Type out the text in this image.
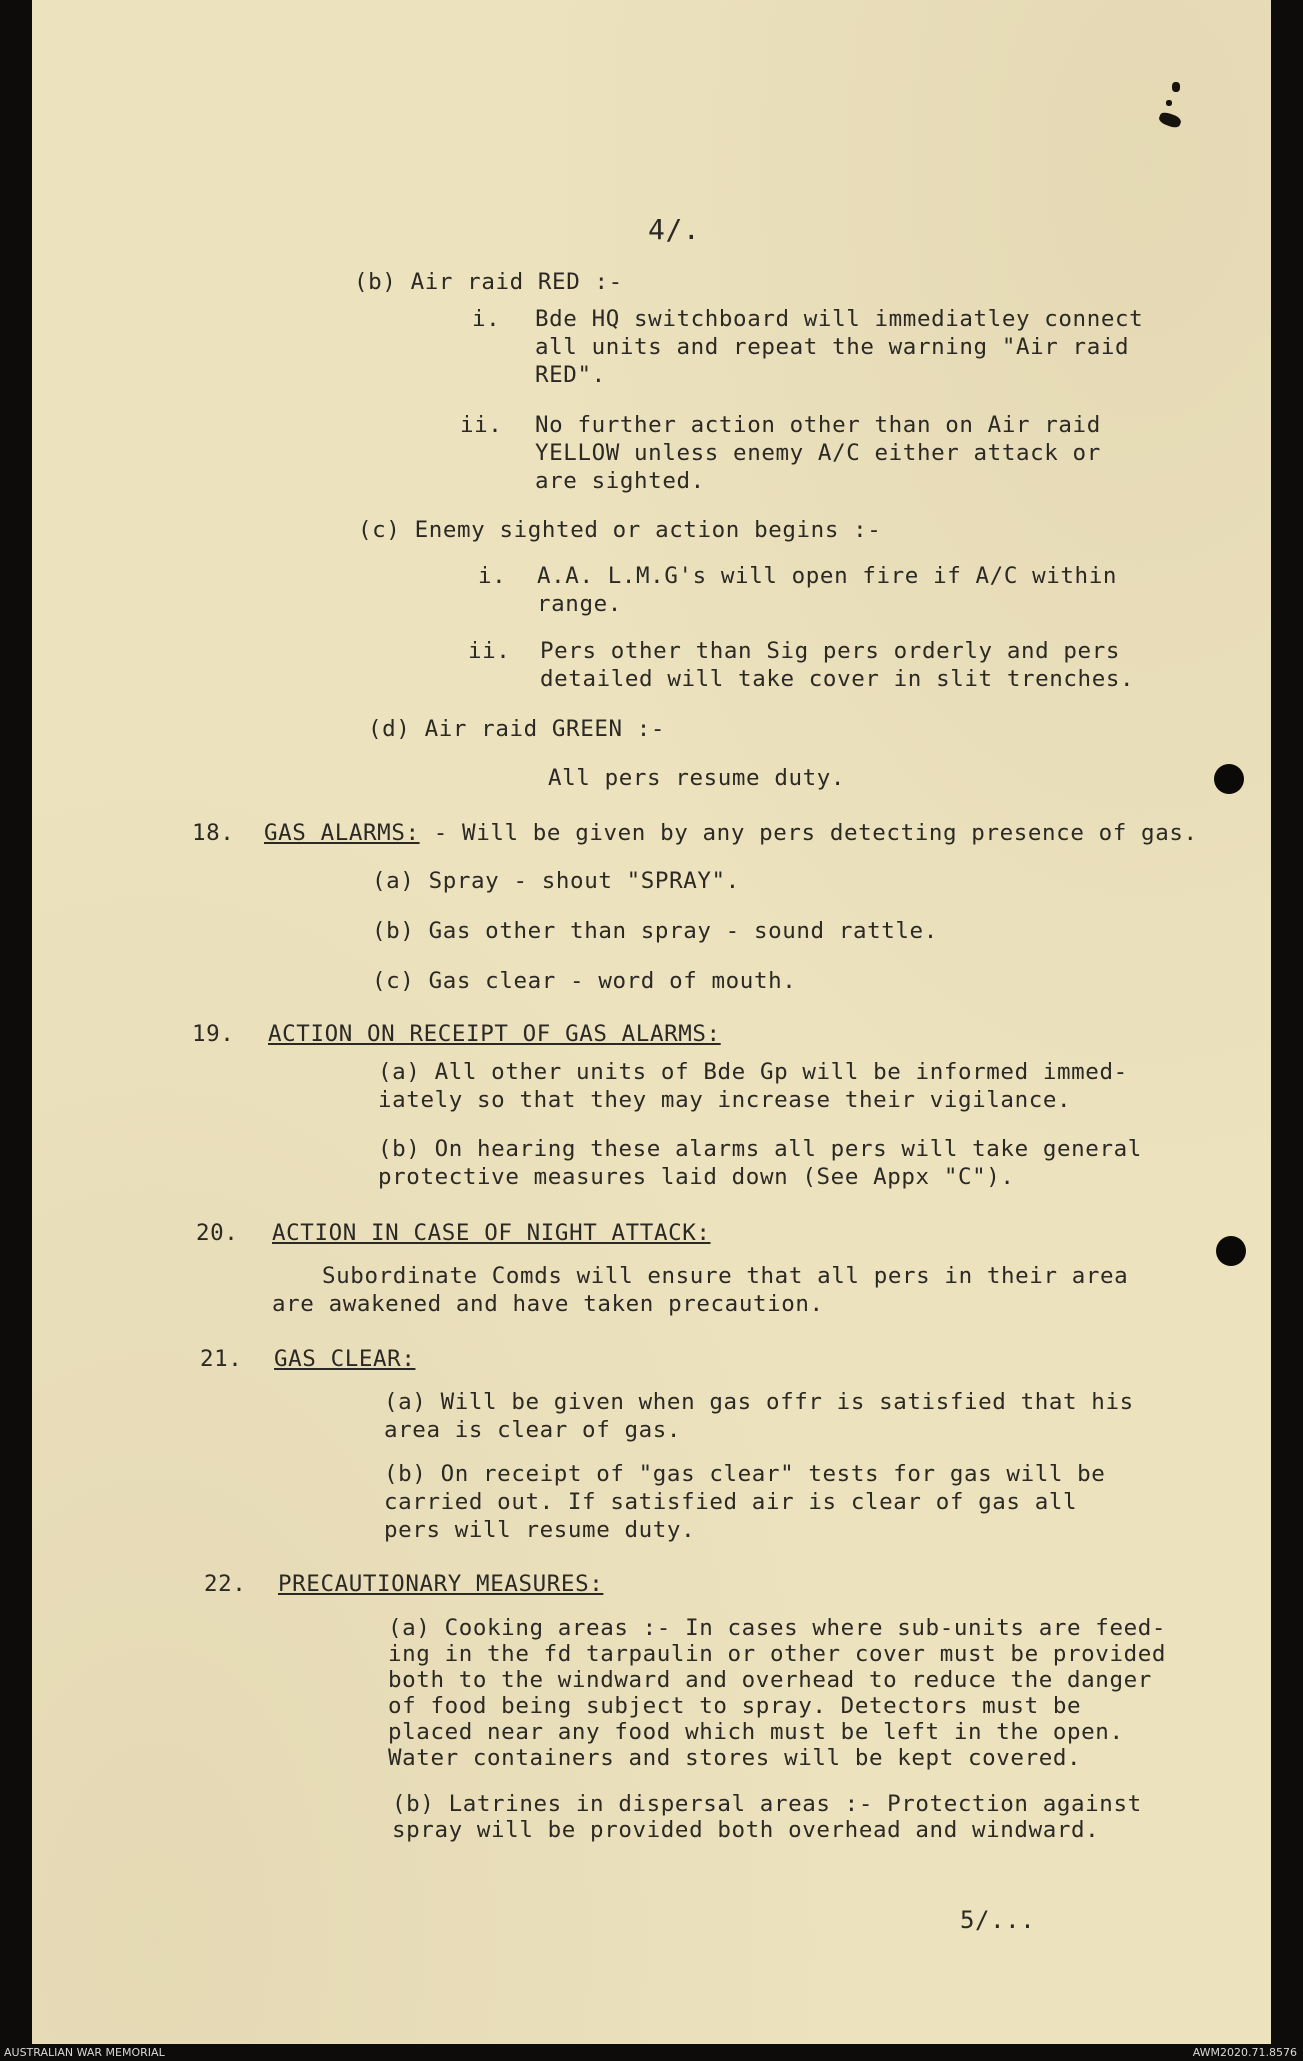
4/.
(b) Air raid RED :-
i. Bde HQ switchboard will immediatley connect
all units and repeat the warning "Air raid
RED".
ii. No further action other than on Air raid
YELLOW unless enemy A/C either attack or
are sighted.
(c) Enemy sighted or action begins :-
i. A.A. L.M.G's will open fire if A/C within
range.
ii. Pers other than Sig pers orderly and pers
detailed will take cover in slit trenches.
(d) Air raid GREEN :-
All pers resume duty.
18. GAS ALARMS: - Will be given by any pers detecting presence of gas.
(a) Spray - shout "SPRAY".
(b) Gas other than spray - sound rattle.
(c) Gas clear - word of mouth.
19. ACTION ON RECEIPT OF GAS ALARMS:
(a) All other units of Bde Gp will be informed immed-
iately so that they may increase their vigilance.
(b) On hearing these alarms all pers will take general
protective measures laid down (See Appx "C").
20. ACTION IN CASE OF NIGHT ATTACK:
Subordinate Comds will ensure that all pers in their area
are awakened and have taken precaution.
21. GAS CLEAR:
(a) Will be given when gas offr is satisfied that his
area is clear of gas.
(b) On receipt of "gas clear" tests for gas will be
carried out. If satisfied air is clear of gas all
pers will resume duty.
22. PRECAUTIONARY MEASURES:
(a) Cooking areas :- In cases where sub-units are feed-
ing in the fd tarpaulin or other cover must be provided
both to the windward and overhead to reduce the danger
of food being subject to spray. Detectors must be
placed near any food which must be left in the open.
Water containers and stores will be kept covered.
(b) Latrines in dispersal areas :- Protection against
spray will be provided both overhead and windward.
5/...
AUSTRALIAN WAR MEMORIAL	AWM2020.71.8576
